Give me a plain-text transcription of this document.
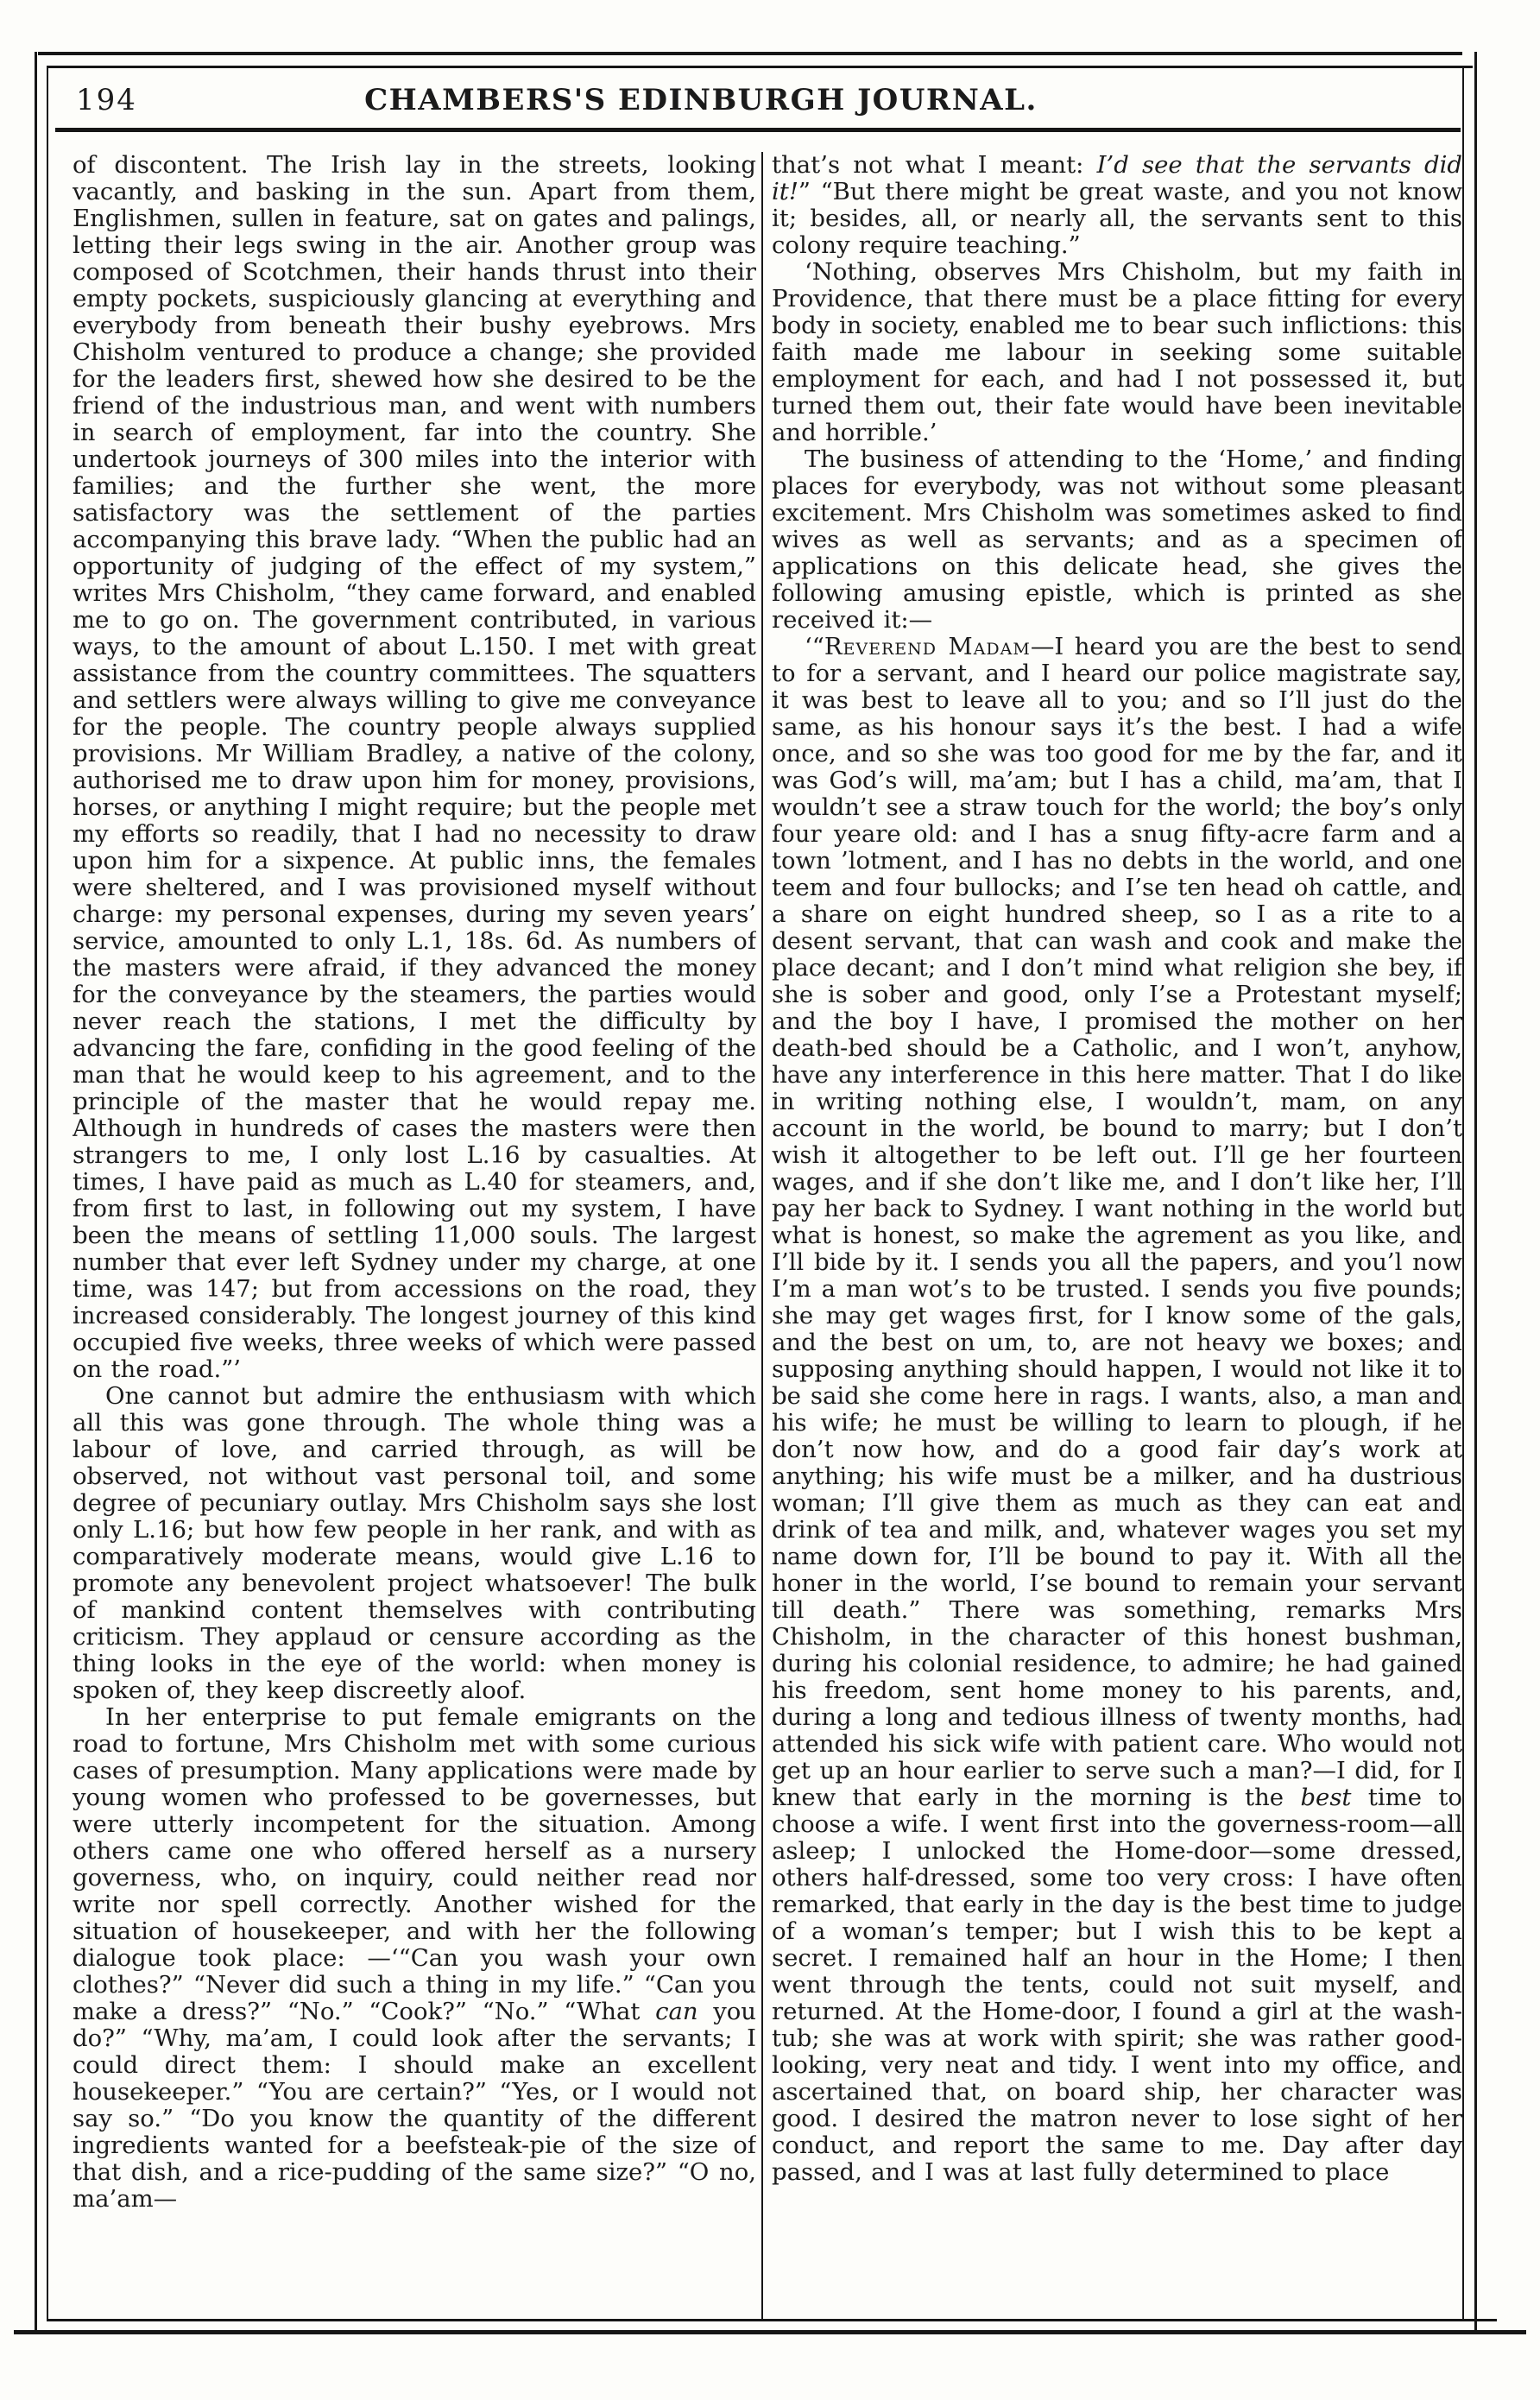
194	CHAMBERS'S EDINBURGH JOURNAL.

of discontent. The Irish lay in the streets, looking vacantly, and basking in the sun. Apart from them, Englishmen, sullen in feature, sat on gates and palings, letting their legs swing in the air. Another group was composed of Scotchmen, their hands thrust into their empty pockets, suspiciously glancing at everything and everybody from beneath their bushy eyebrows. Mrs Chisholm ventured to produce a change; she provided for the leaders first, shewed how she desired to be the friend of the industrious man, and went with numbers in search of employment, far into the country. She undertook journeys of 300 miles into the interior with families; and the further she went, the more satisfactory was the settlement of the parties accompanying this brave lady. “When the public had an opportunity of judging of the effect of my system,” writes Mrs Chisholm, “they came forward, and enabled me to go on. The government contributed, in various ways, to the amount of about L.150. I met with great assistance from the country committees. The squatters and settlers were always willing to give me conveyance for the people. The country people always supplied provisions. Mr William Bradley, a native of the colony, authorised me to draw upon him for money, provisions, horses, or anything I might require; but the people met my efforts so readily, that I had no necessity to draw upon him for a sixpence. At public inns, the females were sheltered, and I was provisioned myself without charge: my personal expenses, during my seven years’ service, amounted to only L.1, 18s. 6d. As numbers of the masters were afraid, if they advanced the money for the conveyance by the steamers, the parties would never reach the stations, I met the difficulty by advancing the fare, confiding in the good feeling of the man that he would keep to his agreement, and to the principle of the master that he would repay me. Although in hundreds of cases the masters were then strangers to me, I only lost L.16 by casualties. At times, I have paid as much as L.40 for steamers, and, from first to last, in following out my system, I have been the means of settling 11,000 souls. The largest number that ever left Sydney under my charge, at one time, was 147; but from accessions on the road, they increased considerably. The longest journey of this kind occupied five weeks, three weeks of which were passed on the road.”’

One cannot but admire the enthusiasm with which all this was gone through. The whole thing was a labour of love, and carried through, as will be observed, not without vast personal toil, and some degree of pecuniary outlay. Mrs Chisholm says she lost only L.16; but how few people in her rank, and with as comparatively moderate means, would give L.16 to promote any benevolent project whatsoever! The bulk of mankind content themselves with contributing criticism. They applaud or censure according as the thing looks in the eye of the world: when money is spoken of, they keep discreetly aloof.

In her enterprise to put female emigrants on the road to fortune, Mrs Chisholm met with some curious cases of presumption. Many applications were made by young women who professed to be governesses, but were utterly incompetent for the situation. Among others came one who offered herself as a nursery governess, who, on inquiry, could neither read nor write nor spell correctly. Another wished for the situation of housekeeper, and with her the following dialogue took place: —‘“Can you wash your own clothes?” “Never did such a thing in my life.” “Can you make a dress?” “No.” “Cook?” “No.” “What can you do?” “Why, ma’am, I could look after the servants; I could direct them: I should make an excellent housekeeper.” “You are certain?” “Yes, or I would not say so.” “Do you know the quantity of the different ingredients wanted for a beefsteak-pie of the size of that dish, and a rice-pudding of the same size?” “O no, ma’am—

that’s not what I meant: I’d see that the servants did it!” “But there might be great waste, and you not know it; besides, all, or nearly all, the servants sent to this colony require teaching.”

‘Nothing, observes Mrs Chisholm, but my faith in Providence, that there must be a place fitting for every body in society, enabled me to bear such inflictions: this faith made me labour in seeking some suitable employment for each, and had I not possessed it, but turned them out, their fate would have been inevitable and horrible.’

The business of attending to the ‘Home,’ and finding places for everybody, was not without some pleasant excitement. Mrs Chisholm was sometimes asked to find wives as well as servants; and as a specimen of applications on this delicate head, she gives the following amusing epistle, which is printed as she received it:—

‘“Reverend Madam—I heard you are the best to send to for a servant, and I heard our police magistrate say, it was best to leave all to you; and so I’ll just do the same, as his honour says it’s the best. I had a wife once, and so she was too good for me by the far, and it was God’s will, ma’am; but I has a child, ma’am, that I wouldn’t see a straw touch for the world; the boy’s only four yeare old: and I has a snug fifty-acre farm and a town ’lotment, and I has no debts in the world, and one teem and four bullocks; and I’se ten head oh cattle, and a share on eight hundred sheep, so I as a rite to a desent servant, that can wash and cook and make the place decant; and I don’t mind what religion she bey, if she is sober and good, only I’se a Protestant myself; and the boy I have, I promised the mother on her death-bed should be a Catholic, and I won’t, anyhow, have any interference in this here matter. That I do like in writing nothing else, I wouldn’t, mam, on any account in the world, be bound to marry; but I don’t wish it altogether to be left out. I’ll ge her fourteen wages, and if she don’t like me, and I don’t like her, I’ll pay her back to Sydney. I want nothing in the world but what is honest, so make the agrement as you like, and I’ll bide by it. I sends you all the papers, and you’l now I’m a man wot’s to be trusted. I sends you five pounds; she may get wages first, for I know some of the gals, and the best on um, to, are not heavy we boxes; and supposing anything should happen, I would not like it to be said she come here in rags. I wants, also, a man and his wife; he must be willing to learn to plough, if he don’t now how, and do a good fair day’s work at anything; his wife must be a milker, and ha dustrious woman; I’ll give them as much as they can eat and drink of tea and milk, and, whatever wages you set my name down for, I’ll be bound to pay it. With all the honer in the world, I’se bound to remain your servant till death.” There was something, remarks Mrs Chisholm, in the character of this honest bushman, during his colonial residence, to admire; he had gained his freedom, sent home money to his parents, and, during a long and tedious illness of twenty months, had attended his sick wife with patient care. Who would not get up an hour earlier to serve such a man?—I did, for I knew that early in the morning is the best time to choose a wife. I went first into the governess-room—all asleep; I unlocked the Home-door—some dressed, others half-dressed, some too very cross: I have often remarked, that early in the day is the best time to judge of a woman’s temper; but I wish this to be kept a secret. I remained half an hour in the Home; I then went through the tents, could not suit myself, and returned. At the Home-door, I found a girl at the wash-tub; she was at work with spirit; she was rather good-looking, very neat and tidy. I went into my office, and ascertained that, on board ship, her character was good. I desired the matron never to lose sight of her conduct, and report the same to me. Day after day passed, and I was at last fully determined to place
